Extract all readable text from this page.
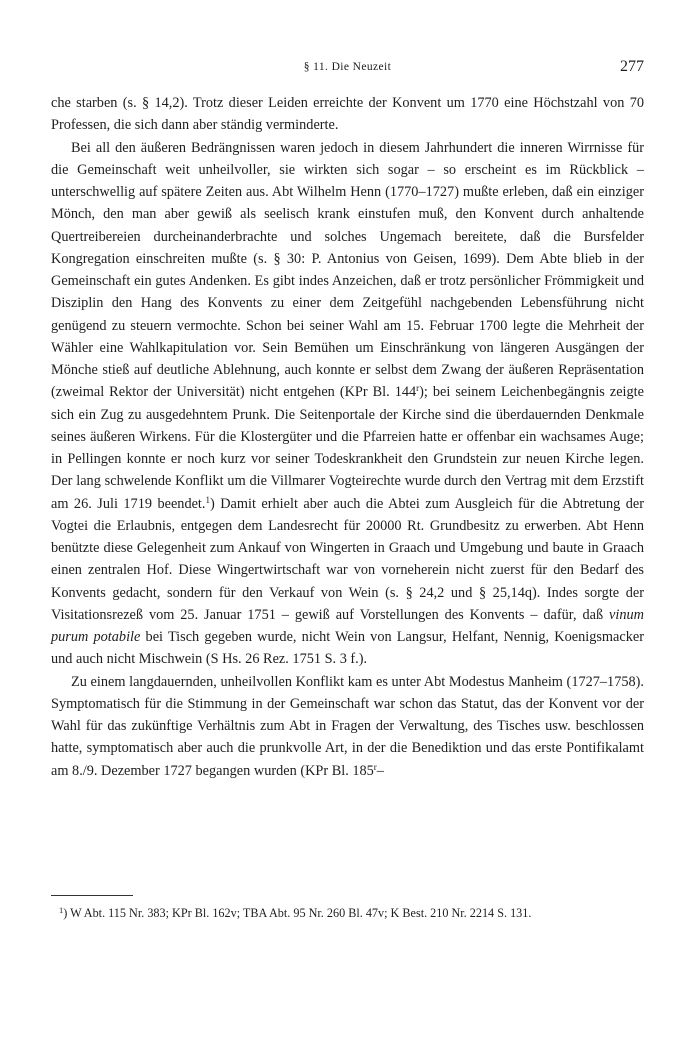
§ 11. Die Neuzeit	277

che starben (s. § 14,2). Trotz dieser Leiden erreichte der Konvent um 1770 eine Höchstzahl von 70 Professen, die sich dann aber ständig verminderte.

Bei all den äußeren Bedrängnissen waren jedoch in diesem Jahrhundert die inneren Wirrnisse für die Gemeinschaft weit unheilvoller, sie wirkten sich sogar – so erscheint es im Rückblick – unterschwellig auf spätere Zeiten aus. Abt Wilhelm Henn (1770–1727) mußte erleben, daß ein einziger Mönch, den man aber gewiß als seelisch krank einstufen muß, den Konvent durch anhaltende Quertreibereien durcheinanderbrachte und solches Ungemach bereitete, daß die Bursfelder Kongregation einschreiten mußte (s. § 30: P. Antonius von Geisen, 1699). Dem Abte blieb in der Gemeinschaft ein gutes Andenken. Es gibt indes Anzeichen, daß er trotz persönlicher Frömmigkeit und Disziplin den Hang des Konvents zu einer dem Zeitgefühl nachgebenden Lebensführung nicht genügend zu steuern vermochte. Schon bei seiner Wahl am 15. Februar 1700 legte die Mehrheit der Wähler eine Wahlkapitulation vor. Sein Bemühen um Einschränkung von längeren Ausgängen der Mönche stieß auf deutliche Ablehnung, auch konnte er selbst dem Zwang der äußeren Repräsentation (zweimal Rektor der Universität) nicht entgehen (KPr Bl. 144$^r$); bei seinem Leichenbegängnis zeigte sich ein Zug zu ausgedehntem Prunk. Die Seitenportale der Kirche sind die überdauernden Denkmale seines äußeren Wirkens. Für die Klostergüter und die Pfarreien hatte er offenbar ein wachsames Auge; in Pellingen konnte er noch kurz vor seiner Todeskrankheit den Grundstein zur neuen Kirche legen. Der lang schwelende Konflikt um die Villmarer Vogteirechte wurde durch den Vertrag mit dem Erzstift am 26. Juli 1719 beendet.$^1$) Damit erhielt aber auch die Abtei zum Ausgleich für die Abtretung der Vogtei die Erlaubnis, entgegen dem Landesrecht für 20000 Rt. Grundbesitz zu erwerben. Abt Henn benützte diese Gelegenheit zum Ankauf von Wingerten in Graach und Umgebung und baute in Graach einen zentralen Hof. Diese Wingertwirtschaft war von vorneherein nicht zuerst für den Bedarf des Konvents gedacht, sondern für den Verkauf von Wein (s. § 24,2 und § 25,14q). Indes sorgte der Visitationsrezeß vom 25. Januar 1751 – gewiß auf Vorstellungen des Konvents – dafür, daß vinum purum potabile bei Tisch gegeben wurde, nicht Wein von Langsur, Helfant, Nennig, Koenigsmacker und auch nicht Mischwein (S Hs. 26 Rez. 1751 S. 3 f.).

Zu einem langdauernden, unheilvollen Konflikt kam es unter Abt Modestus Manheim (1727–1758). Symptomatisch für die Stimmung in der Gemeinschaft war schon das Statut, das der Konvent vor der Wahl für das zukünftige Verhältnis zum Abt in Fragen der Verwaltung, des Tisches usw. beschlossen hatte, symptomatisch aber auch die prunkvolle Art, in der die Benediktion und das erste Pontifikalamt am 8./9. Dezember 1727 begangen wurden (KPr Bl. 185$^r$–

$^1$) W Abt. 115 Nr. 383; KPr Bl. 162v; TBA Abt. 95 Nr. 260 Bl. 47v; K Best. 210 Nr. 2214 S. 131.
